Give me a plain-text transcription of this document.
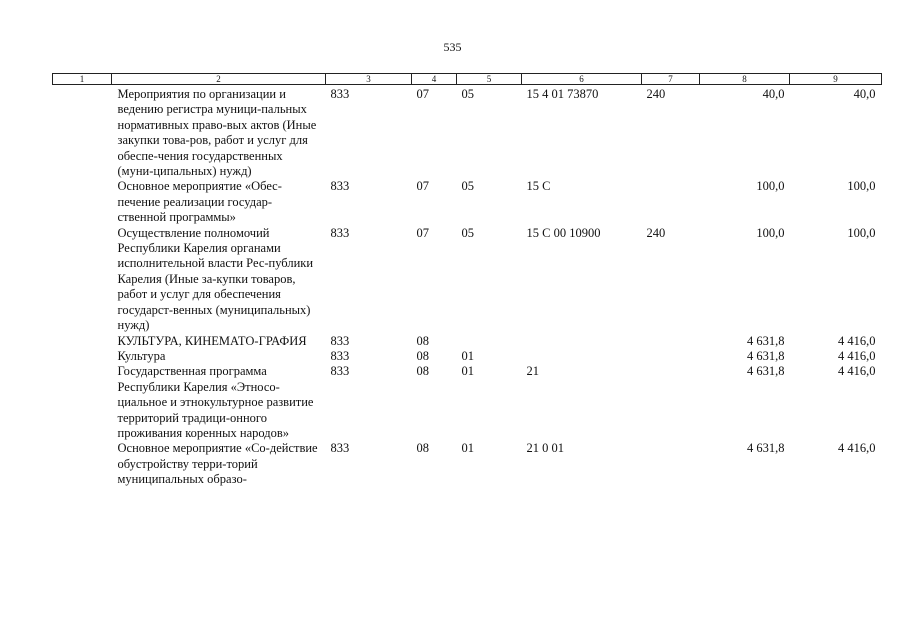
535
1	2	3	4	5	6	7	8	9
	Мероприятия по организации и ведению регистра муници-пальных нормативных право-вых актов (Иные закупки това-ров, работ и услуг для обеспе-чения государственных (муни-ципальных) нужд)	833	07	05	15 4 01 73870	240	40,0	40,0
	Основное мероприятие «Обес-печение реализации государ-ственной программы»	833	07	05	15 С		100,0	100,0
	Осуществление полномочий Республики Карелия органами исполнительной власти Рес-публики Карелия (Иные за-купки товаров, работ и услуг для обеспечения государст-венных (муниципальных) нужд)	833	07	05	15 С 00 10900	240	100,0	100,0
	КУЛЬТУРА, КИНЕМАТО-ГРАФИЯ	833	08				4 631,8	4 416,0
	Культура	833	08	01			4 631,8	4 416,0
	Государственная программа Республики Карелия «Этносо-циальное и этнокультурное развитие территорий традици-онного проживания коренных народов»	833	08	01	21		4 631,8	4 416,0
	Основное мероприятие «Со-действие обустройству терри-торий муниципальных образо-	833	08	01	21 0 01		4 631,8	4 416,0
